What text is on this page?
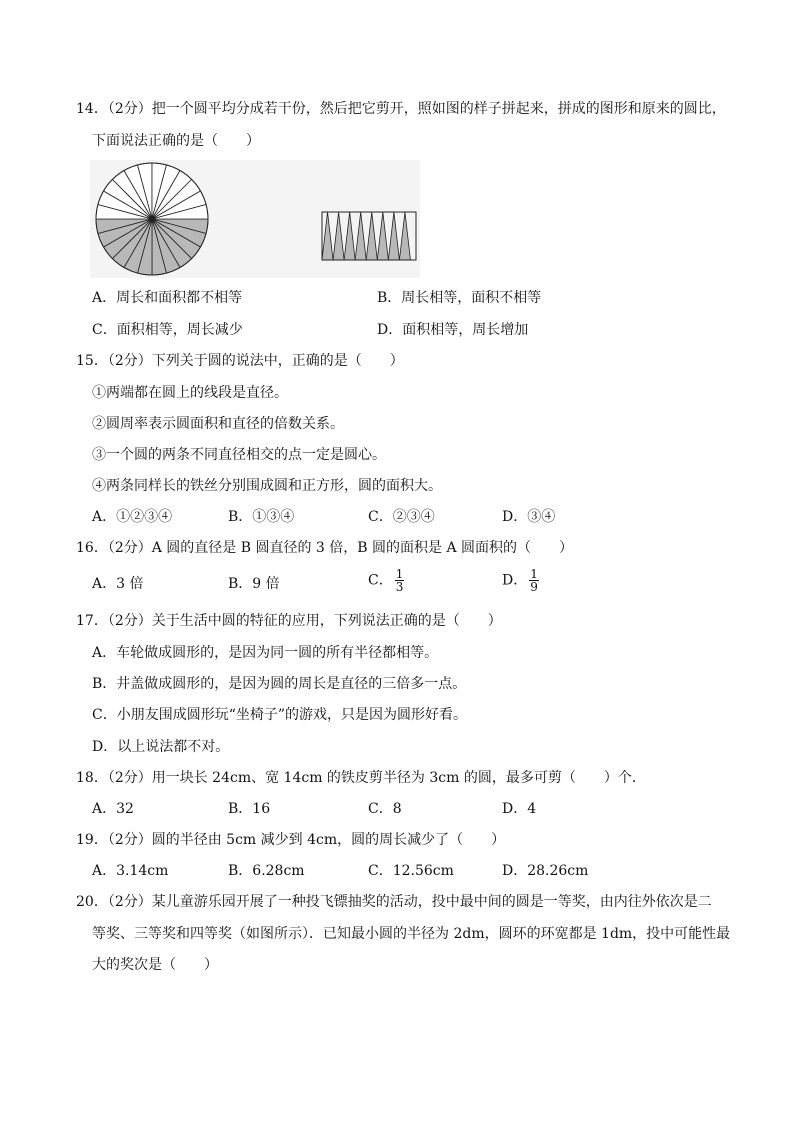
14．（2分）把一个圆平均分成若干份，然后把它剪开，照如图的样子拼起来，拼成的图形和原来的圆比，
下面说法正确的是（　　）
A．周长和面积都不相等	B．周长相等，面积不相等
C．面积相等，周长减少	D．面积相等，周长增加
15．（2分）下列关于圆的说法中，正确的是（　　）
①两端都在圆上的线段是直径。
②圆周率表示圆面积和直径的倍数关系。
③一个圆的两条不同直径相交的点一定是圆心。
④两条同样长的铁丝分别围成圆和正方形，圆的面积大。
A．①②③④	B．①③④	C．②③④	D．③④
16．（2分）A 圆的直径是 B 圆直径的 3 倍，B 圆的面积是 A 圆面积的（　　）
A．3 倍	B．9 倍	C． $\frac{1}{3}$	D． $\frac{1}{9}$
17．（2分）关于生活中圆的特征的应用，下列说法正确的是（　　）
A．车轮做成圆形的，是因为同一圆的所有半径都相等。
B．井盖做成圆形的，是因为圆的周长是直径的三倍多一点。
C．小朋友围成圆形玩“坐椅子”的游戏，只是因为圆形好看。
D．以上说法都不对。
18．（2分）用一块长 24cm、宽 14cm 的铁皮剪半径为 3cm 的圆，最多可剪（　　）个．
A．32	B．16	C．8	D．4
19．（2分）圆的半径由 5cm 减少到 4cm，圆的周长减少了（　　）
A．3.14cm	B．6.28cm	C．12.56cm	D．28.26cm
20．（2分）某儿童游乐园开展了一种投飞镖抽奖的活动，投中最中间的圆是一等奖，由内往外依次是二
等奖、三等奖和四等奖（如图所示）．已知最小圆的半径为 2dm，圆环的环宽都是 1dm，投中可能性最
大的奖次是（　　）
